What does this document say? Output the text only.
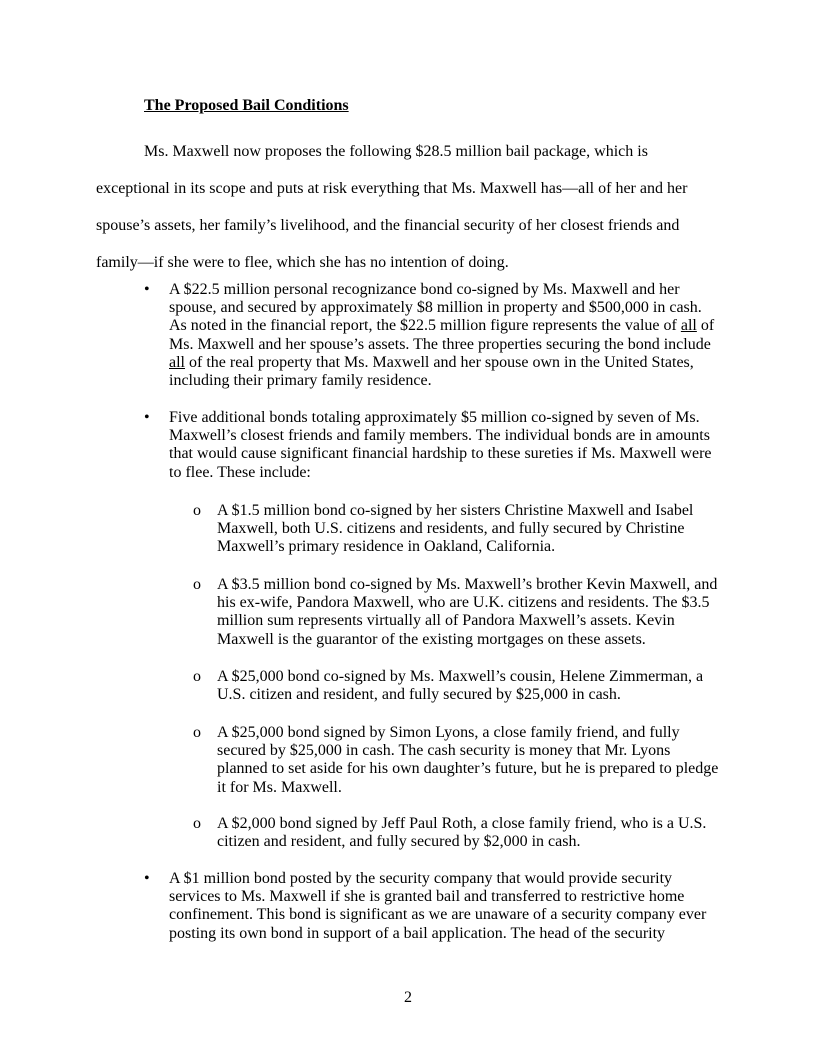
The Proposed Bail Conditions

Ms. Maxwell now proposes the following $28.5 million bail package, which is exceptional in its scope and puts at risk everything that Ms. Maxwell has—all of her and her spouse’s assets, her family’s livelihood, and the financial security of her closest friends and family—if she were to flee, which she has no intention of doing.

• A $22.5 million personal recognizance bond co-signed by Ms. Maxwell and her spouse, and secured by approximately $8 million in property and $500,000 in cash. As noted in the financial report, the $22.5 million figure represents the value of all of Ms. Maxwell and her spouse’s assets. The three properties securing the bond include all of the real property that Ms. Maxwell and her spouse own in the United States, including their primary family residence.
• Five additional bonds totaling approximately $5 million co-signed by seven of Ms. Maxwell’s closest friends and family members. The individual bonds are in amounts that would cause significant financial hardship to these sureties if Ms. Maxwell were to flee. These include:
o A $1.5 million bond co-signed by her sisters Christine Maxwell and Isabel Maxwell, both U.S. citizens and residents, and fully secured by Christine Maxwell’s primary residence in Oakland, California.
o A $3.5 million bond co-signed by Ms. Maxwell’s brother Kevin Maxwell, and his ex-wife, Pandora Maxwell, who are U.K. citizens and residents. The $3.5 million sum represents virtually all of Pandora Maxwell’s assets. Kevin Maxwell is the guarantor of the existing mortgages on these assets.
o A $25,000 bond co-signed by Ms. Maxwell’s cousin, Helene Zimmerman, a U.S. citizen and resident, and fully secured by $25,000 in cash.
o A $25,000 bond signed by Simon Lyons, a close family friend, and fully secured by $25,000 in cash. The cash security is money that Mr. Lyons planned to set aside for his own daughter’s future, but he is prepared to pledge it for Ms. Maxwell.
o A $2,000 bond signed by Jeff Paul Roth, a close family friend, who is a U.S. citizen and resident, and fully secured by $2,000 in cash.
• A $1 million bond posted by the security company that would provide security services to Ms. Maxwell if she is granted bail and transferred to restrictive home confinement. This bond is significant as we are unaware of a security company ever posting its own bond in support of a bail application. The head of the security

2
